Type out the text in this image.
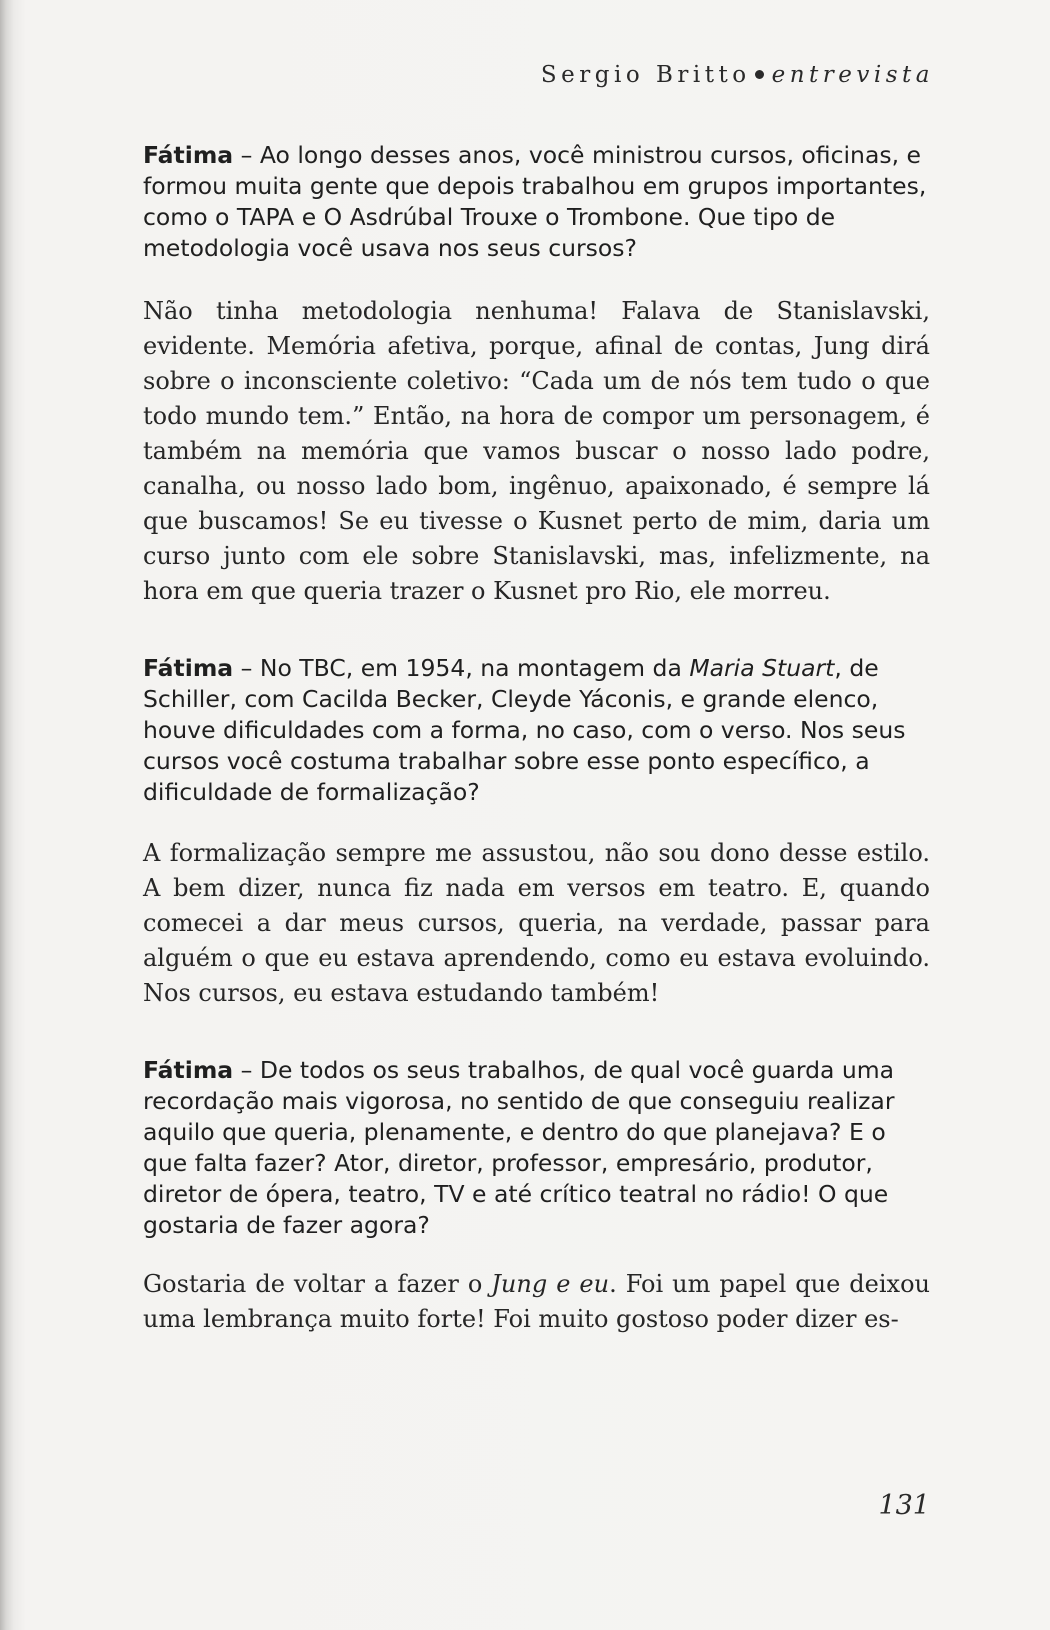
Sergio Britto entrevista

Fátima – Ao longo desses anos, você ministrou cursos, oficinas, e formou muita gente que depois trabalhou em grupos importantes, como o TAPA e O Asdrúbal Trouxe o Trombone. Que tipo de metodologia você usava nos seus cursos?

Não tinha metodologia nenhuma! Falava de Stanislavski, evidente. Memória afetiva, porque, afinal de contas, Jung dirá sobre o inconsciente coletivo: “Cada um de nós tem tudo o que todo mundo tem.” Então, na hora de compor um personagem, é também na memória que vamos buscar o nosso lado podre, canalha, ou nosso lado bom, ingênuo, apaixonado, é sempre lá que buscamos! Se eu tivesse o Kusnet perto de mim, daria um curso junto com ele sobre Stanislavski, mas, infelizmente, na hora em que queria trazer o Kusnet pro Rio, ele morreu.

Fátima – No TBC, em 1954, na montagem da Maria Stuart, de Schiller, com Cacilda Becker, Cleyde Yáconis, e grande elenco, houve dificuldades com a forma, no caso, com o verso. Nos seus cursos você costuma trabalhar sobre esse ponto específico, a dificuldade de formalização?

A formalização sempre me assustou, não sou dono desse estilo. A bem dizer, nunca fiz nada em versos em teatro. E, quando comecei a dar meus cursos, queria, na verdade, passar para alguém o que eu estava aprendendo, como eu estava evoluindo. Nos cursos, eu estava estudando também!

Fátima – De todos os seus trabalhos, de qual você guarda uma recordação mais vigorosa, no sentido de que conseguiu realizar aquilo que queria, plenamente, e dentro do que planejava? E o que falta fazer? Ator, diretor, professor, empresário, produtor, diretor de ópera, teatro, TV e até crítico teatral no rádio! O que gostaria de fazer agora?

Gostaria de voltar a fazer o Jung e eu. Foi um papel que deixou uma lembrança muito forte! Foi muito gostoso poder dizer es-

131
